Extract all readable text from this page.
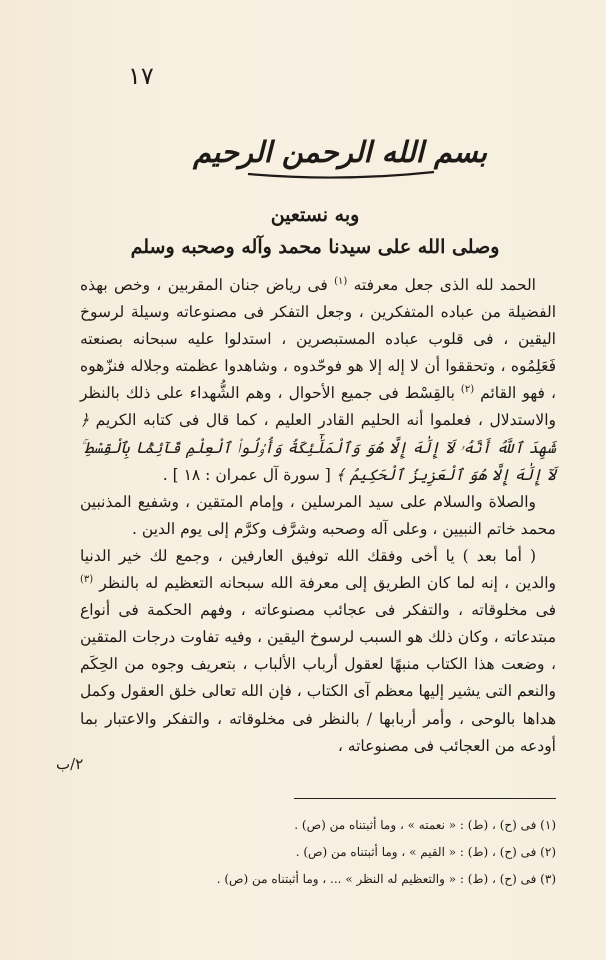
١٧
بسم الله الرحمن الرحيم
وبه نستعين
وصلى الله على سيدنا محمد وآله وصحبه وسلم

الحمد لله الذى جعل معرفته $^{(١)}$ فى رياض جنان المقربين ، وخص بهذه الفضيلة من عباده المتفكرين ، وجعل التفكر فى مصنوعاته وسيلة لرسوخ اليقين ، فى قلوب عباده المستبصرين ، استدلوا عليه سبحانه بصنعته فَعَلِمُوه ، وتحققوا أن لا إله إلا هو فوحّدوه ، وشاهدوا عظمته وجلاله فنزّهوه ، فهو القائم $^{(٢)}$ بالقِسْط فى جميع الأحوال ، وهم الشُّهداء على ذلك بالنظر والاستدلال ، فعلموا أنه الحليم القادر العليم ، كما قال فى كتابه الكريم ﴿ شَهِدَ ٱللَّهُ أَنَّهُۥ لَآ إِلَٰهَ إِلَّا هُوَ وَٱلْمَلَٰٓئِكَةُ وَأُو۟لُوا۟ ٱلْعِلْمِ قَآئِمًۢا بِٱلْقِسْطِ ۚ لَآ إِلَٰهَ إِلَّا هُوَ ٱلْعَزِيزُ ٱلْحَكِيمُ ﴾ [ سورة آل عمران : ١٨ ] .

والصلاة والسلام على سيد المرسلين ، وإمام المتقين ، وشفيع المذنبين محمد خاتم النبيين ، وعلى آله وصحبه وشرَّف وكرَّم إلى يوم الدين .

( أما بعد ) يا أخى وفقك الله توفيق العارفين ، وجمع لك خير الدنيا والدين ، إنه لما كان الطريق إلى معرفة الله سبحانه التعظيم له بالنظر $^{(٣)}$ فى مخلوقاته ، والتفكر فى عجائب مصنوعاته ، وفهم الحكمة فى أنواع مبتدعاته ، وكان ذلك هو السبب لرسوخ اليقين ، وفيه تفاوت درجات المتقين ، وضعت هذا الكتاب منبهًا لعقول أرباب الألباب ، بتعريف وجوه من الحِكَم والنعم التى يشير إليها معظم آى الكتاب ، فإن الله تعالى خلق العقول وكمل هداها بالوحى ، وأمر أربابها / بالنظر فى مخلوقاته ، والتفكر والاعتبار بما أودعه من العجائب فى مصنوعاته ،

٢/ب
(١) فى (ح) ، (ط) : « نعمته » ، وما أثبتناه من (ص) .
(٢) فى (ح) ، (ط) : « القيم » ، وما أثبتناه من (ص) .
(٣) فى (ح) ، (ط) : « والتعظيم له النظر » ... ، وما أثبتناه من (ص) .
